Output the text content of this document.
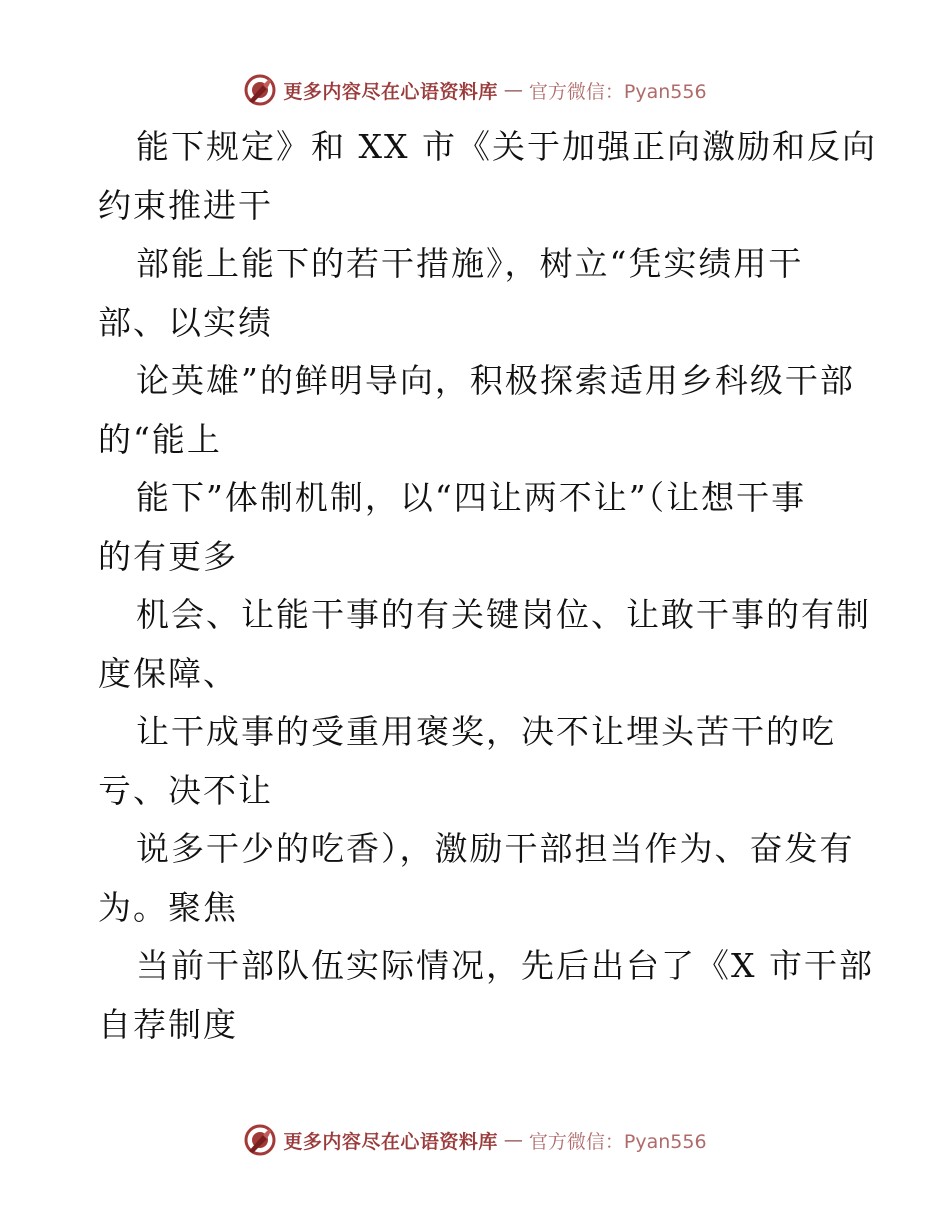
更多内容尽在心语资料库 — 官方微信：Pyan556
能下规定》和 XX 市《关于加强正向激励和反向
约束推进干
部能上能下的若干措施》，树立“凭实绩用干
部、以实绩
论英雄”的鲜明导向，积极探索适用乡科级干部
的“能上
能下”体制机制，以“四让两不让”（让想干事
的有更多
机会、让能干事的有关键岗位、让敢干事的有制
度保障、
让干成事的受重用褒奖，决不让埋头苦干的吃
亏、决不让
说多干少的吃香），激励干部担当作为、奋发有
为。聚焦
当前干部队伍实际情况，先后出台了《X 市干部
自荐制度
更多内容尽在心语资料库 — 官方微信：Pyan556
